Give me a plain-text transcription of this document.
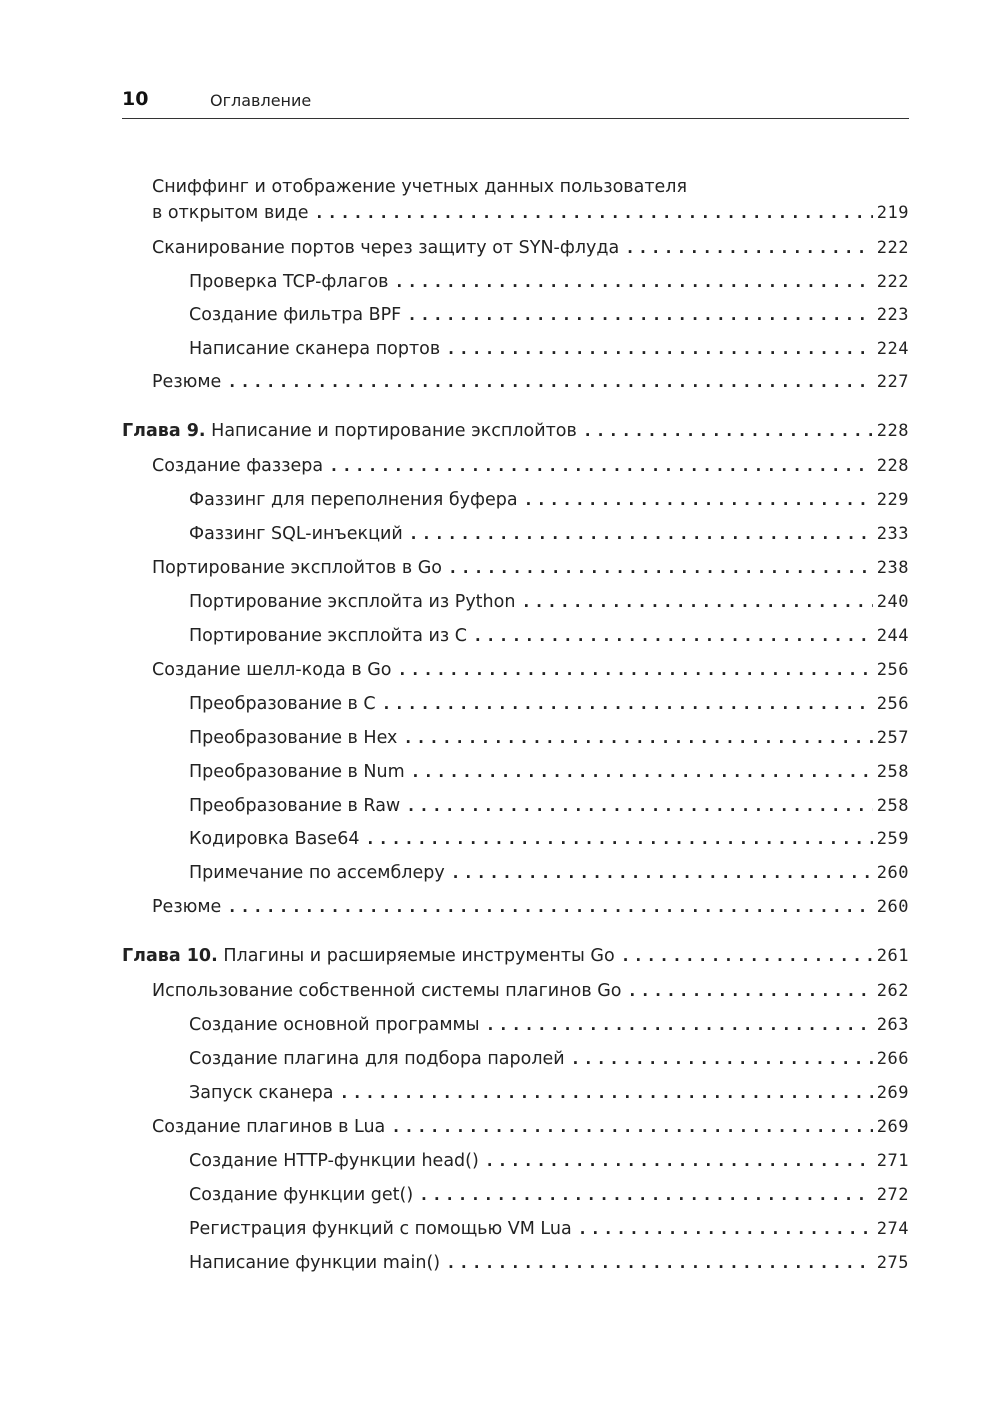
10	Оглавление
Сниффинг и отображение учетных данных пользователя
в открытом виде . . .	219
Сканирование портов через защиту от SYN-флуда . . .	222
Проверка TCP-флагов . . .	222
Создание фильтра BPF . . .	223
Написание сканера портов . . .	224
Резюме . . .	227
Глава 9. Написание и портирование эксплойтов . . .	228
Создание фаззера . . .	228
Фаззинг для переполнения буфера . . .	229
Фаззинг SQL-инъекций . . .	233
Портирование эксплойтов в Go . . .	238
Портирование эксплойта из Python . . .	240
Портирование эксплойта из C . . .	244
Создание шелл-кода в Go . . .	256
Преобразование в C . . .	256
Преобразование в Hex . . .	257
Преобразование в Num . . .	258
Преобразование в Raw . . .	258
Кодировка Base64 . . .	259
Примечание по ассемблеру . . .	260
Резюме . . .	260
Глава 10. Плагины и расширяемые инструменты Go . . .	261
Использование собственной системы плагинов Go . . .	262
Создание основной программы . . .	263
Создание плагина для подбора паролей . . .	266
Запуск сканера . . .	269
Создание плагинов в Lua . . .	269
Создание HTTP-функции head() . . .	271
Создание функции get() . . .	272
Регистрация функций с помощью VM Lua . . .	274
Написание функции main() . . .	275
